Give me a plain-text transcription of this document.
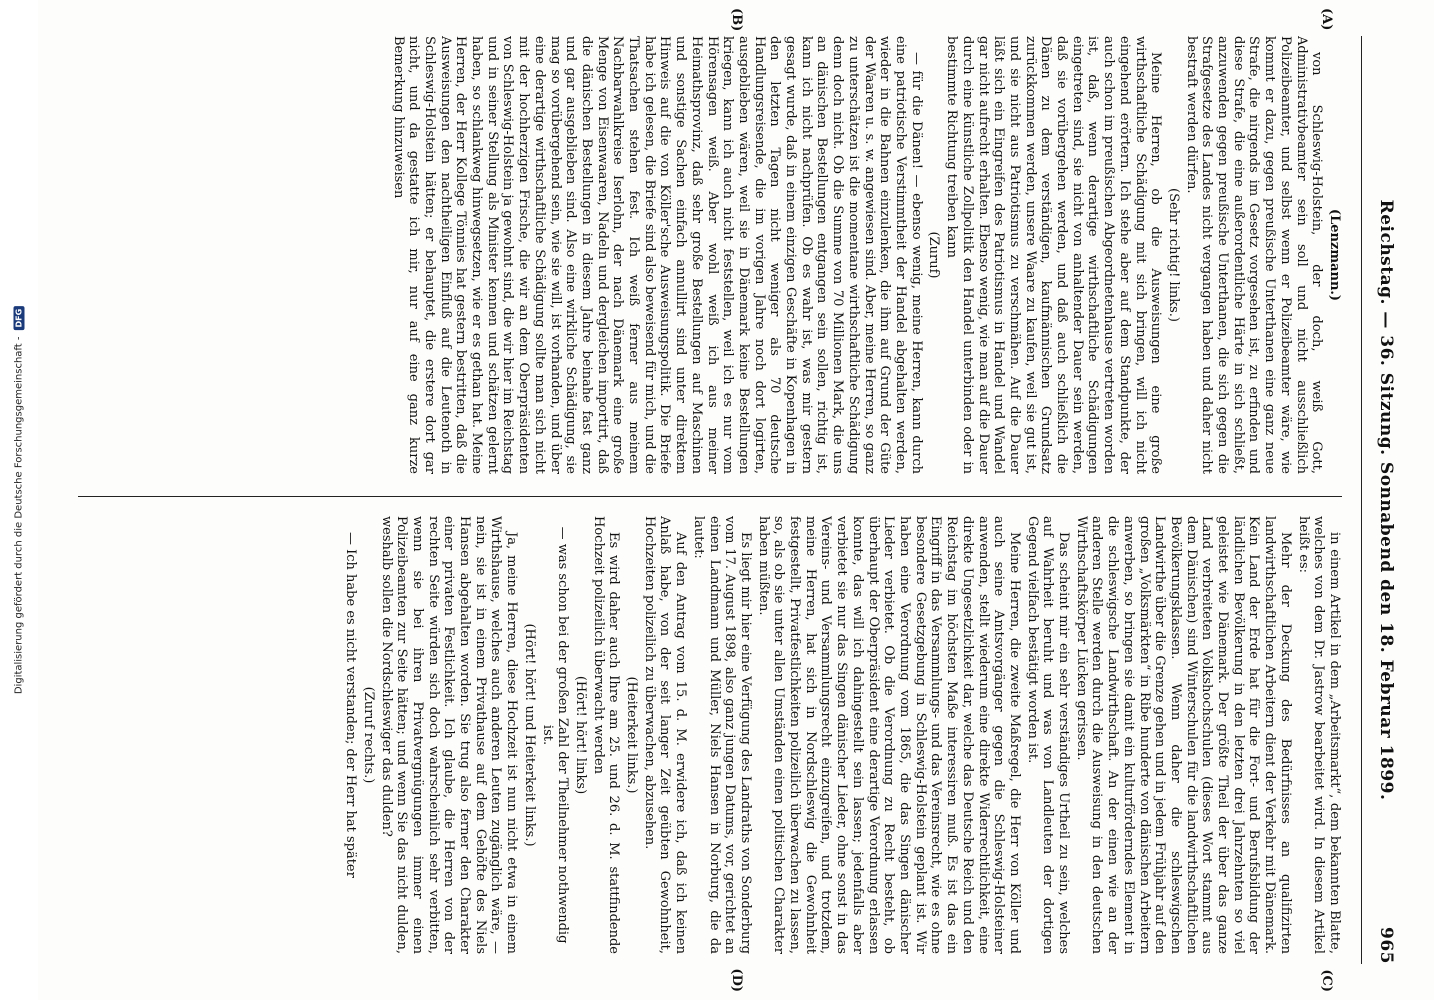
Digitalisierung gefördert durch die Deutsche Forschungsgemeinschaft -
DFG
(A)
(B)
(C)
(D)
Reichstag. — 36. Sitzung. Sonnabend den 18. Februar 1899.
965

(Lenzmann.)

von Schleswig-Holstein, der doch, weiß Gott, Administrativbeamter sein soll und nicht ausschließlich Polizeibeamter, und selbst wenn er Polizeibeamter wäre, wie kommt er dazu, gegen preußische Unterthanen eine ganz neue Strafe, die nirgends im Gesetz vorgesehen ist, zu erfinden und diese Strafe, die eine außerordentliche Härte in sich schließt, anzuwenden gegen preußische Unterthanen, die sich gegen die Strafgesetze des Landes nicht vergangen haben und daher nicht bestraft werden dürfen.

(Sehr richtig! links.)

Meine Herren, ob die Ausweisungen eine große wirthschaftliche Schädigung mit sich bringen, will ich nicht eingehend erörtern. Ich stehe aber auf dem Standpunkte, der auch schon im preußischen Abgeordnetenhause vertreten worden ist, daß, wenn derartige wirthschaftliche Schädigungen eingetreten sind, sie nicht von anhaltender Dauer sein werden, daß sie vorübergehen werden, und daß auch schließlich die Dänen zu dem verständigen, kaufmännischen Grundsatz zurückkommen werden, unsere Waare zu kaufen, weil sie gut ist, und sie nicht aus Patriotismus zu verschmähen. Auf die Dauer läßt sich ein Eingreifen des Patriotismus in Handel und Wandel gar nicht aufrecht erhalten. Ebenso wenig, wie man auf die Dauer durch eine künstliche Zollpolitik den Handel unterbinden oder in bestimmte Richtung treiben kann

(Zuruf)

— für die Dänen! — ebenso wenig, meine Herren, kann durch eine patriotische Verstimmtheit der Handel abgehalten werden, wieder in die Bahnen einzulenken, die ihm auf Grund der Güte der Waaren u. s. w. angewiesen sind. Aber, meine Herren, so ganz zu unterschätzen ist die momentane wirthschaftliche Schädigung denn doch nicht. Ob die Summe von 70 Millionen Mark, die uns an dänischen Bestellungen entgangen sein sollen, richtig ist, kann ich nicht nachprüfen. Ob es wahr ist, was mir gestern gesagt wurde, daß in einem einzigen Geschäfte in Kopenhagen in den letzten Tagen nicht weniger als 70 deutsche Handlungsreisende, die im vorigen Jahre noch dort logirten, ausgeblieben wären, weil sie in Dänemark keine Bestellungen kriegen, kann ich auch nicht feststellen, weil ich es nur vom Hörensagen weiß. Aber wohl weiß ich aus meiner Heimathsprovinz, daß sehr große Bestellungen auf Maschinen und sonstige Sachen einfach annullirt sind unter direktem Hinweis auf die von Köller'sche Ausweisungspolitik. Die Briefe habe ich gelesen, die Briefe sind also beweisend für mich, und die Thatsachen stehen fest. Ich weiß ferner aus meinem Nachbarwahlkreise Iserlohn, der nach Dänemark eine große Menge von Eisenwaaren, Nadeln und dergleichen importirt, daß die dänischen Bestellungen in diesem Jahre beinahe fast ganz und gar ausgeblieben sind. Also eine wirkliche Schädigung, sie mag so vorübergehend sein, wie sie will, ist vorhanden, und über eine derartige wirthschaftliche Schädigung sollte man sich nicht mit der hochherzigen Frische, die wir an dem Oberpräsidenten von Schleswig-Holstein ja gewohnt sind, die wir hier im Reichstag und in seiner Stellung als Minister kennen und schätzen gelernt haben, so schlankweg hinwegsetzen, wie er es gethan hat. Meine Herren, der Herr Kollege Tönnies hat gestern bestritten, daß die Ausweisungen den nachtheiligen Einfluß auf die Leutenoth in Schleswig-Holstein hätten; er behauptet, die erstere dort gar nicht, und da gestatte ich mir, nur auf eine ganz kurze Bemerkung hinzuweisen

in einem Artikel in dem „Arbeitsmarkt“, dem bekannten Blatte, welches von dem Dr. Jastrow bearbeitet wird. In diesem Artikel heißt es:

Mehr der Deckung des Bedürfnisses an qualifizirten landwirthschaftlichen Arbeitern dient der Verkehr mit Dänemark. Kein Land der Erde hat für die Fort- und Berufsbildung der ländlichen Bevölkerung in den letzten drei Jahrzehnten so viel geleistet wie Dänemark. Der größte Theil der über das ganze Land verbreiteten Volkshochschulen (dieses Wort stammt aus dem Dänischen) sind Winterschulen für die landwirthschaftlichen Bevölkerungsklassen. Wenn daher die schleswigschen Landwirthe über die Grenze gehen und in jedem Frühjahr auf den großen „Volksmärkten“ in Ribe hunderte von dänischen Arbeitern anwerben, so bringen sie damit ein kulturförderndes Element in die schleswigsche Landwirthschaft. An der einen wie an der anderen Stelle werden durch die Ausweisung in den deutschen Wirthschaftskörper Lücken gerissen.

Das scheint mir ein sehr verständiges Urtheil zu sein, welches auf Wahrheit beruht und was von Landleuten der dortigen Gegend vielfach bestätigt worden ist.

Meine Herren, die zweite Maßregel, die Herr von Köller und auch seine Amtsvorgänger gegen die Schleswig-Holsteiner anwenden, stellt wiederum eine direkte Widerrechtlichkeit, eine direkte Ungesetzlichkeit dar, welche das Deutsche Reich und den Reichstag im höchsten Maße interessiren muß. Es ist das ein Eingriff in das Versammlungs- und das Vereinsrecht, wie es ohne besondere Gesetzgebung in Schleswig-Holstein geplant ist. Wir haben eine Verordnung vom 1865, die das Singen dänischer Lieder verbietet. Ob die Verordnung zu Recht besteht, ob überhaupt der Oberpräsident eine derartige Verordnung erlassen konnte, das will ich dahingestellt sein lassen; jedenfalls aber verbietet sie nur das Singen dänischer Lieder, ohne sonst in das Vereins- und Versammlungsrecht einzugreifen, und trotzdem, meine Herren, hat sich in Nordschleswig die Gewohnheit festgestellt, Privatfestlichkeiten polizeilich überwachen zu lassen, so, als ob sie unter allen Umständen einen politischen Charakter haben müßten.

Es liegt mir hier eine Verfügung des Landraths von Sonderburg vom 17. August 1898, also ganz jungen Datums, vor, gerichtet an einen Landmann und Müller, Niels Hansen in Norburg, die da lautet:

Auf den Antrag vom 15. d. M. erwidere ich, daß ich keinen Anlaß habe, von der seit langer Zeit geübten Gewohnheit, Hochzeiten polizeilich zu überwachen, abzusehen.

(Heiterkeit links.)

Es wird daher auch Ihre am 25. und 26. d. M. stattfindende Hochzeit polizeilich überwacht werden

(Hört! hört! links)

— was schon bei der großen Zahl der Theilnehmer nothwendig ist.

(Hört! hört! und Heiterkeit links.)

Ja, meine Herren, diese Hochzeit ist nun nicht etwa in einem Wirthshause, welches auch anderen Leuten zugänglich wäre, — nein, sie ist in einem Privathause auf dem Gehöfte des Niels Hansen abgehalten worden. Sie trug also ferner den Charakter einer privaten Festlichkeit. Ich glaube, die Herren von der rechten Seite würden sich doch wahrscheinlich sehr verbitten, wenn sie bei ihren Privatvergnügungen immer einen Polizeibeamten zur Seite hätten; und wenn Sie das nicht dulden, weshalb sollen die Nordschleswiger das dulden?

(Zuruf rechts.)

— Ich habe es nicht verstanden; der Herr hat später
